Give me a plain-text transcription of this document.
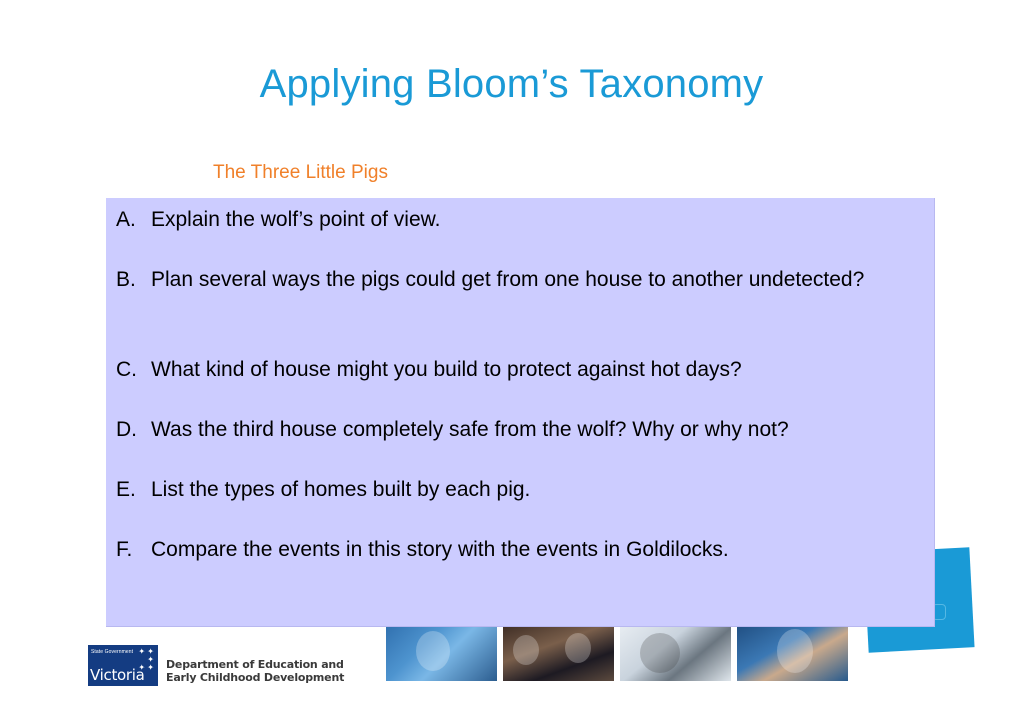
Applying Bloom’s Taxonomy
The Three Little Pigs
A. Explain the wolf’s point of view.
B. Plan several ways the pigs could get from one house to another undetected?
C. What kind of house might you build to protect against hot days?
D. Was the third house completely safe from the wolf? Why or why not?
E. List the types of homes built by each pig.
F. Compare the events in this story with the events in Goldilocks.
State Government ✦ ✦
✦
✦ ✦
Victoria
Department of Education and
Early Childhood Development
